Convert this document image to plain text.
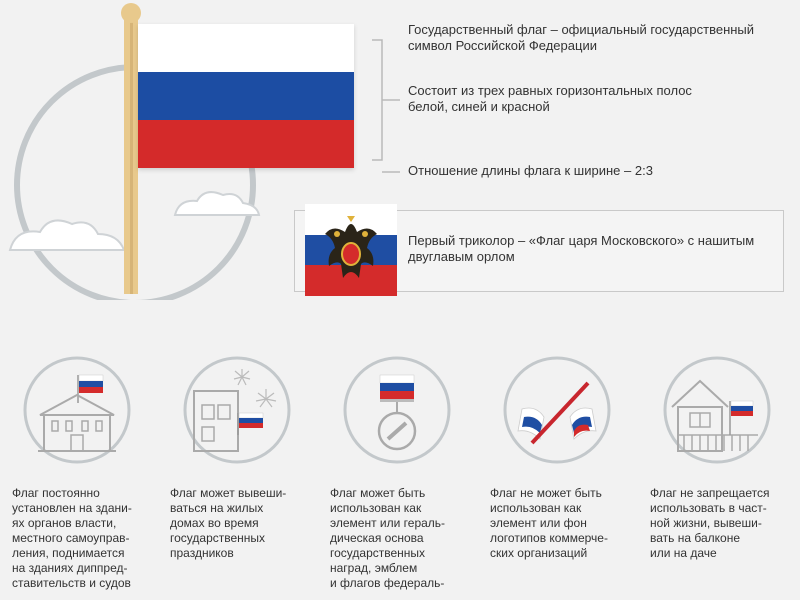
Государственный флаг – официальный государственный
символ Российской Федерации
Состоит из трех равных горизонтальных полос
белой, синей и красной
Отношение длины флага к ширине – 2:3
Первый триколор – «Флаг царя Московского» с нашитым
двуглавым орлом
Флаг постоянно
установлен на здани-
ях органов власти,
местного самоуправ-
ления, поднимается
на зданиях диппред-
ставительств и судов
Флаг может вывеши-
ваться на жилых
домах во время
государственных
праздников
Флаг может быть
использован как
элемент или гераль-
дическая основа
государственных
наград, эмблем
и флагов федераль-
Флаг не может быть
использован как
элемент или фон
логотипов коммерче-
ских организаций
Флаг не запрещается
использовать в част-
ной жизни, вывеши-
вать на балконе
или на даче
